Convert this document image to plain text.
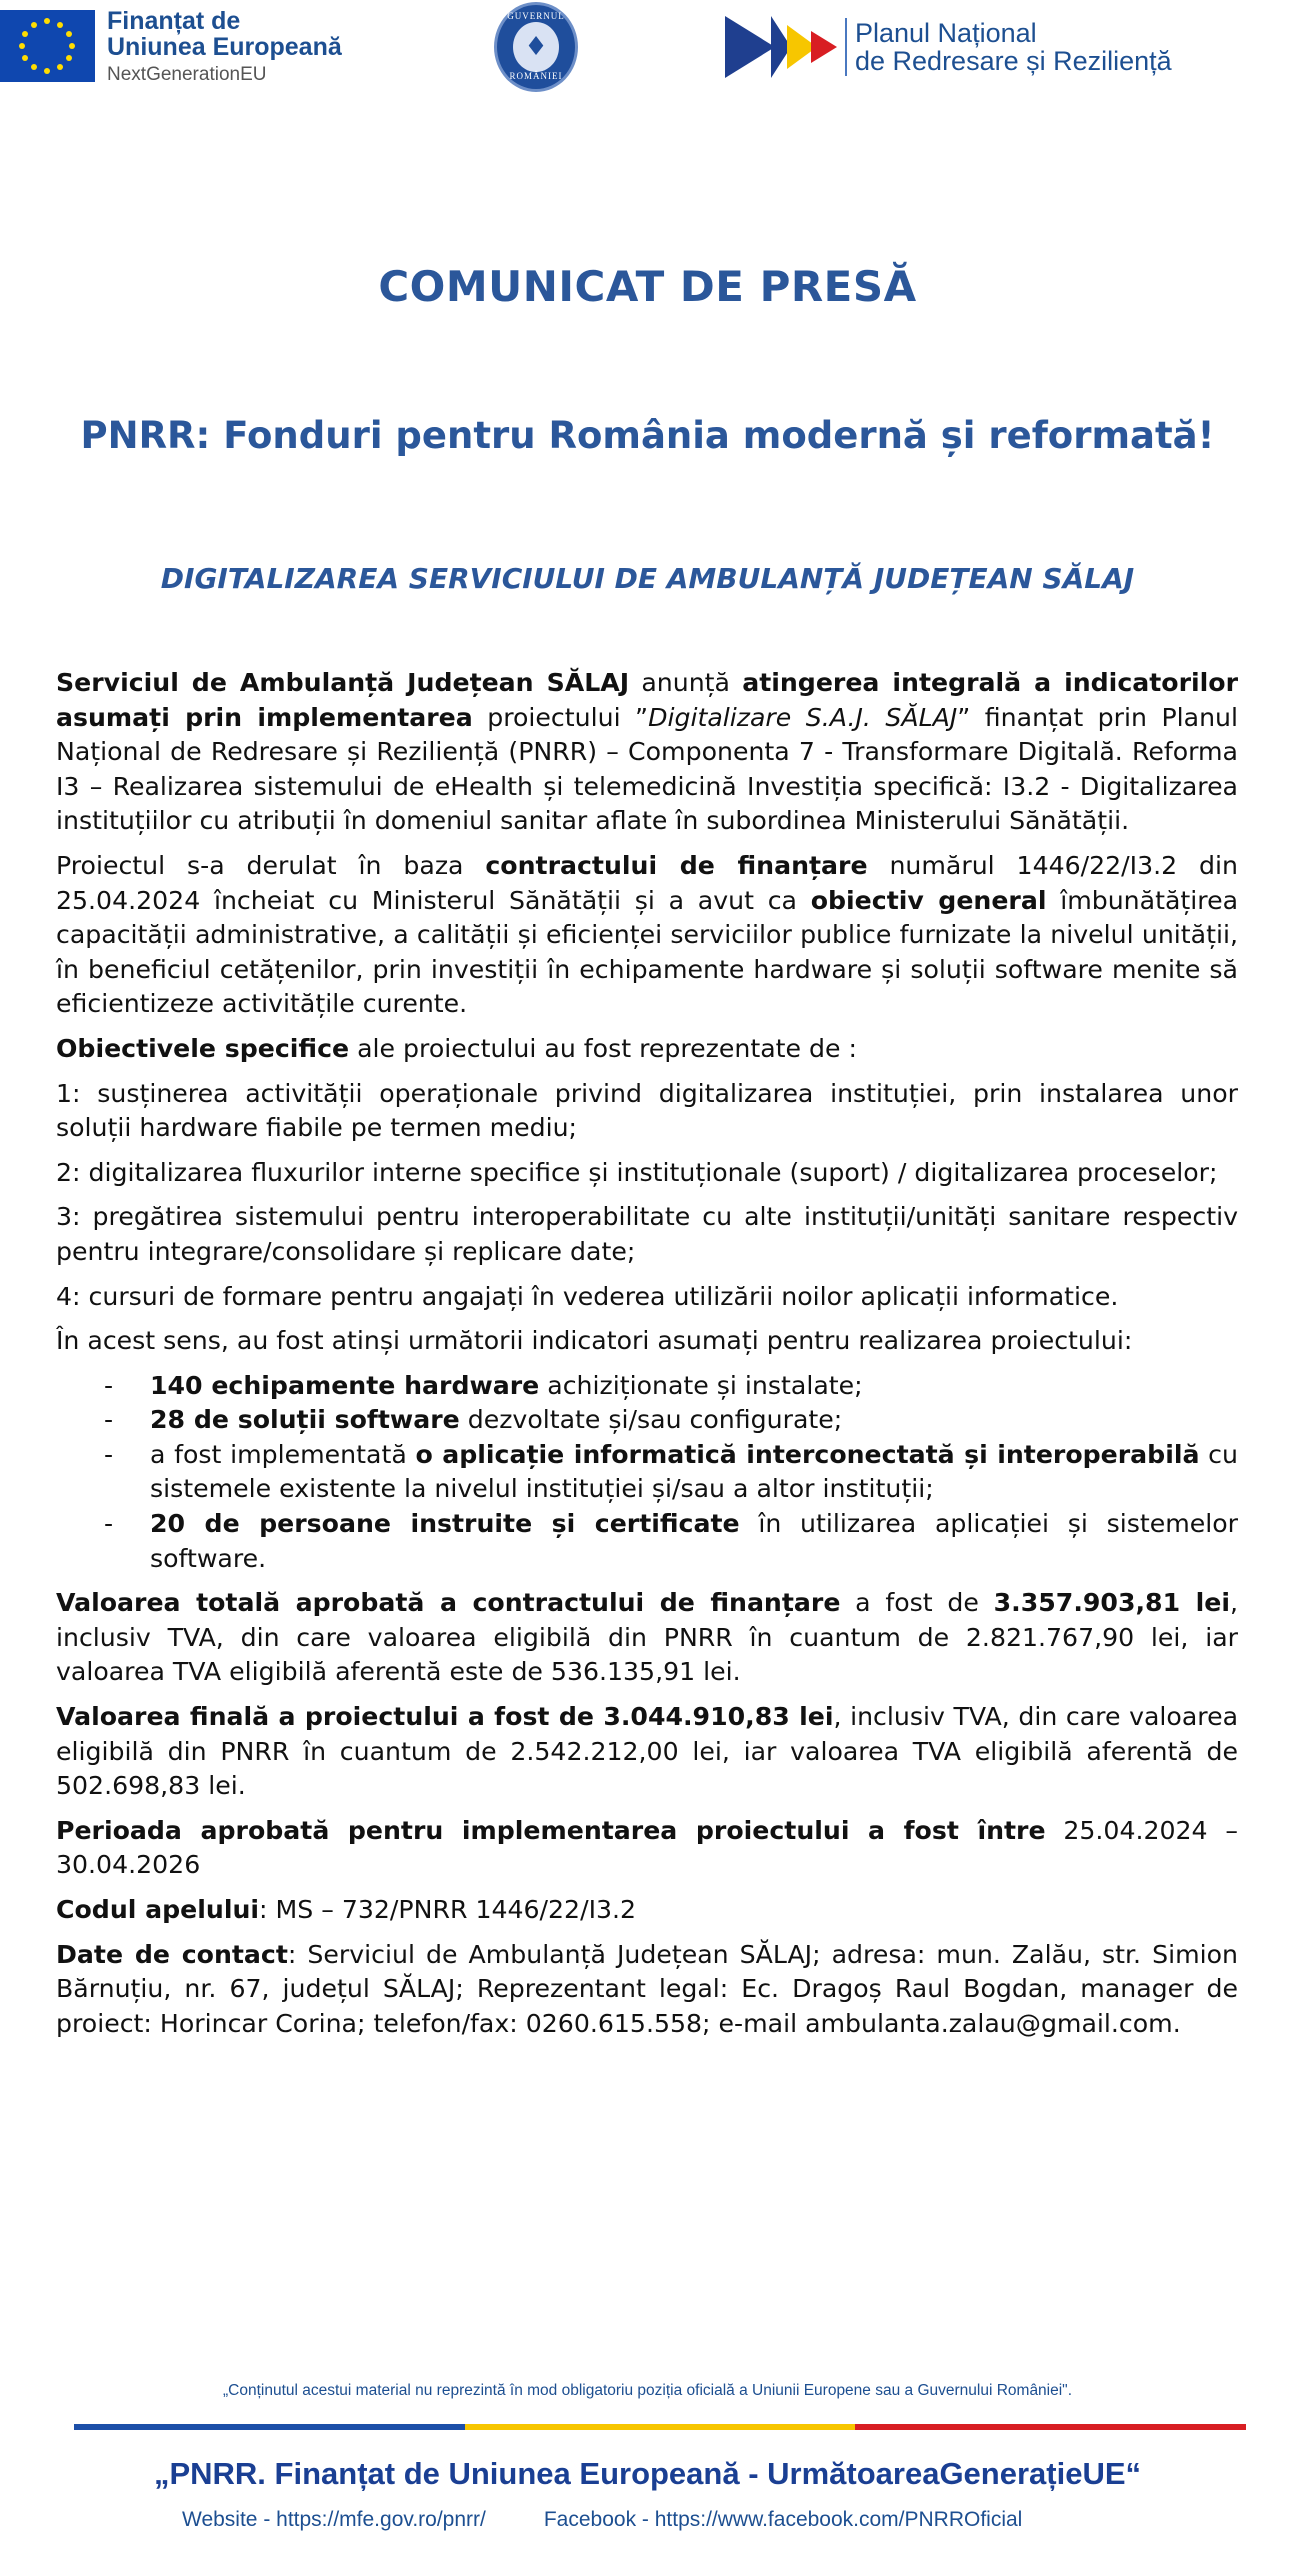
Finanțat de
Uniunea Europeană
NextGenerationEU
GUVERNUL
♦
ROMÂNIEI
Planul Național
de Redresare și Reziliență
COMUNICAT DE PRESĂ
PNRR: Fonduri pentru România modernă și reformată!
DIGITALIZAREA SERVICIULUI DE AMBULANȚĂ JUDEȚEAN SĂLAJ

Serviciul de Ambulanță Județean SĂLAJ anunță atingerea integrală a indicatorilor asumați prin implementarea proiectului ”Digitalizare S.A.J. SĂLAJ” finanțat prin Planul Național de Redresare și Reziliență (PNRR) – Componenta 7 - Transformare Digitală. Reforma I3 – Realizarea sistemului de eHealth și telemedicină Investiția specifică: I3.2 - Digitalizarea instituțiilor cu atribuții în domeniul sanitar aflate în subordinea Ministerului Sănătății.

Proiectul s-a derulat în baza contractului de finanțare numărul 1446/22/I3.2 din 25.04.2024 încheiat cu Ministerul Sănătății și a avut ca obiectiv general îmbunătățirea capacității administrative, a calității și eficienței serviciilor publice furnizate la nivelul unității, în beneficiul cetățenilor, prin investiții în echipamente hardware și soluții software menite să eficientizeze activitățile curente.

Obiectivele specifice ale proiectului au fost reprezentate de :

1: susținerea activității operaționale privind digitalizarea instituției, prin instalarea unor soluții hardware fiabile pe termen mediu;

2: digitalizarea fluxurilor interne specifice și instituționale (suport) / digitalizarea proceselor;

3: pregătirea sistemului pentru interoperabilitate cu alte instituții/unități sanitare respectiv pentru integrare/consolidare și replicare date;

4: cursuri de formare pentru angajați în vederea utilizării noilor aplicații informatice.

În acest sens, au fost atinși următorii indicatori asumați pentru realizarea proiectului:

- 140 echipamente hardware achiziționate și instalate;
- 28 de soluții software dezvoltate și/sau configurate;
- a fost implementată o aplicație informatică interconectată și interoperabilă cu sistemele existente la nivelul instituției și/sau a altor instituții;
- 20 de persoane instruite și certificate în utilizarea aplicației și sistemelor software.

Valoarea totală aprobată a contractului de finanțare a fost de 3.357.903,81 lei, inclusiv TVA, din care valoarea eligibilă din PNRR în cuantum de 2.821.767,90 lei, iar valoarea TVA eligibilă aferentă este de 536.135,91 lei.

Valoarea finală a proiectului a fost de 3.044.910,83 lei, inclusiv TVA, din care valoarea eligibilă din PNRR în cuantum de 2.542.212,00 lei, iar valoarea TVA eligibilă aferentă de 502.698,83 lei.

Perioada aprobată pentru implementarea proiectului a fost între 25.04.2024 – 30.04.2026

Codul apelului: MS – 732/PNRR 1446/22/I3.2

Date de contact: Serviciul de Ambulanță Județean SĂLAJ; adresa: mun. Zalău, str. Simion Bărnuțiu, nr. 67, județul SĂLAJ; Reprezentant legal: Ec. Dragoș Raul Bogdan, manager de proiect: Horincar Corina; telefon/fax: 0260.615.558; e-mail ambulanta.zalau@gmail.com.

„Conținutul acestui material nu reprezintă în mod obligatoriu poziția oficială a Uniunii Europene sau a Guvernului României".
„PNRR. Finanțat de Uniunea Europeană - UrmătoareaGenerațieUE“
Website - https://mfe.gov.ro/pnrr/	Facebook - https://www.facebook.com/PNRROficial
